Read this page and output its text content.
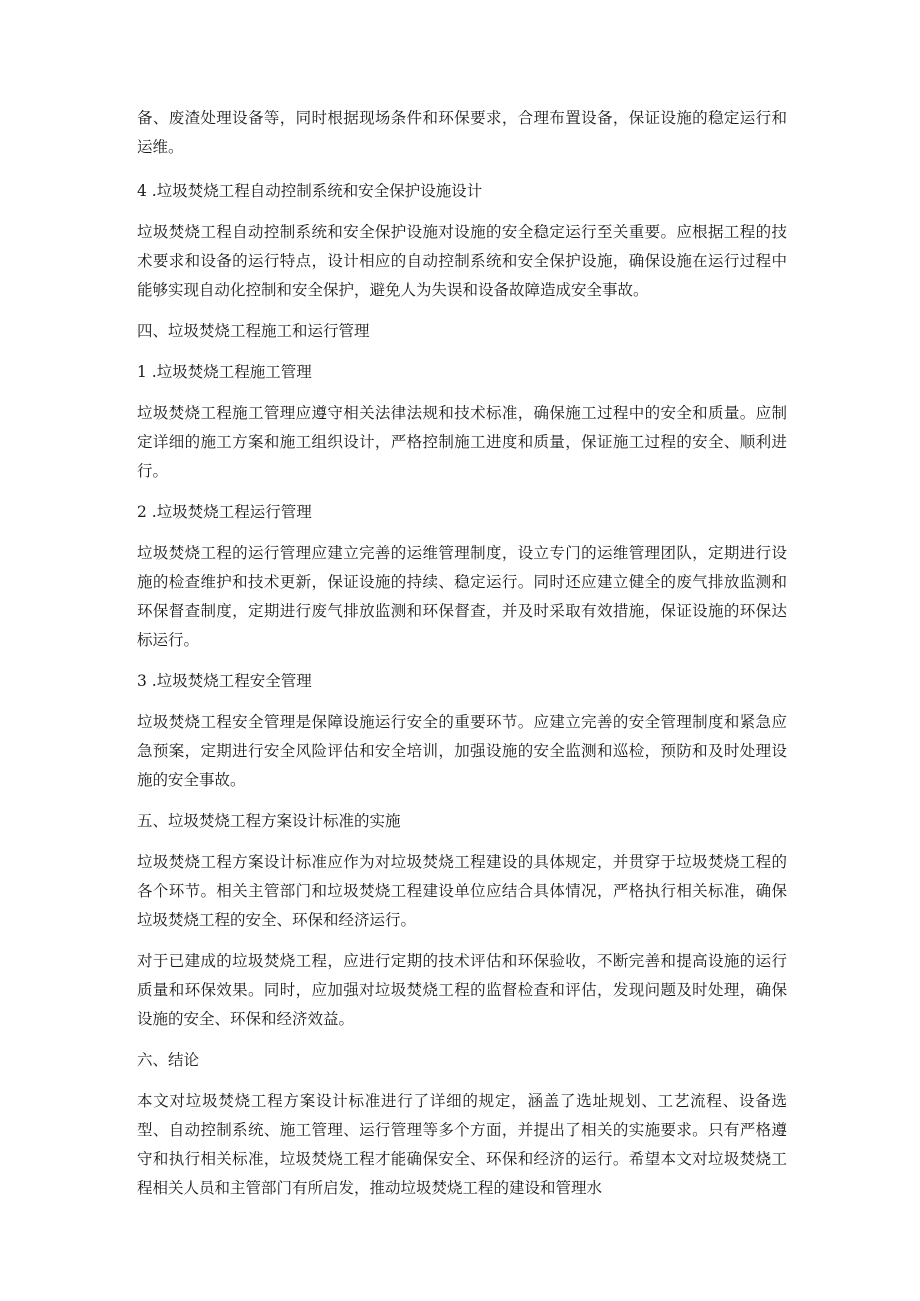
备、废渣处理设备等，同时根据现场条件和环保要求，合理布置设备，保证设施的稳定运行和运维。

4 .垃圾焚烧工程自动控制系统和安全保护设施设计

垃圾焚烧工程自动控制系统和安全保护设施对设施的安全稳定运行至关重要。应根据工程的技术要求和设备的运行特点，设计相应的自动控制系统和安全保护设施，确保设施在运行过程中能够实现自动化控制和安全保护，避免人为失误和设备故障造成安全事故。

四、垃圾焚烧工程施工和运行管理

1 .垃圾焚烧工程施工管理

垃圾焚烧工程施工管理应遵守相关法律法规和技术标准，确保施工过程中的安全和质量。应制定详细的施工方案和施工组织设计，严格控制施工进度和质量，保证施工过程的安全、顺利进行。

2 .垃圾焚烧工程运行管理

垃圾焚烧工程的运行管理应建立完善的运维管理制度，设立专门的运维管理团队，定期进行设施的检查维护和技术更新，保证设施的持续、稳定运行。同时还应建立健全的废气排放监测和环保督查制度，定期进行废气排放监测和环保督查，并及时采取有效措施，保证设施的环保达标运行。

3 .垃圾焚烧工程安全管理

垃圾焚烧工程安全管理是保障设施运行安全的重要环节。应建立完善的安全管理制度和紧急应急预案，定期进行安全风险评估和安全培训，加强设施的安全监测和巡检，预防和及时处理设施的安全事故。

五、垃圾焚烧工程方案设计标准的实施

垃圾焚烧工程方案设计标准应作为对垃圾焚烧工程建设的具体规定，并贯穿于垃圾焚烧工程的各个环节。相关主管部门和垃圾焚烧工程建设单位应结合具体情况，严格执行相关标准，确保垃圾焚烧工程的安全、环保和经济运行。

对于已建成的垃圾焚烧工程，应进行定期的技术评估和环保验收，不断完善和提高设施的运行质量和环保效果。同时，应加强对垃圾焚烧工程的监督检查和评估，发现问题及时处理，确保设施的安全、环保和经济效益。

六、结论

本文对垃圾焚烧工程方案设计标准进行了详细的规定，涵盖了选址规划、工艺流程、设备选型、自动控制系统、施工管理、运行管理等多个方面，并提出了相关的实施要求。只有严格遵守和执行相关标准，垃圾焚烧工程才能确保安全、环保和经济的运行。希望本文对垃圾焚烧工程相关人员和主管部门有所启发，推动垃圾焚烧工程的建设和管理水
